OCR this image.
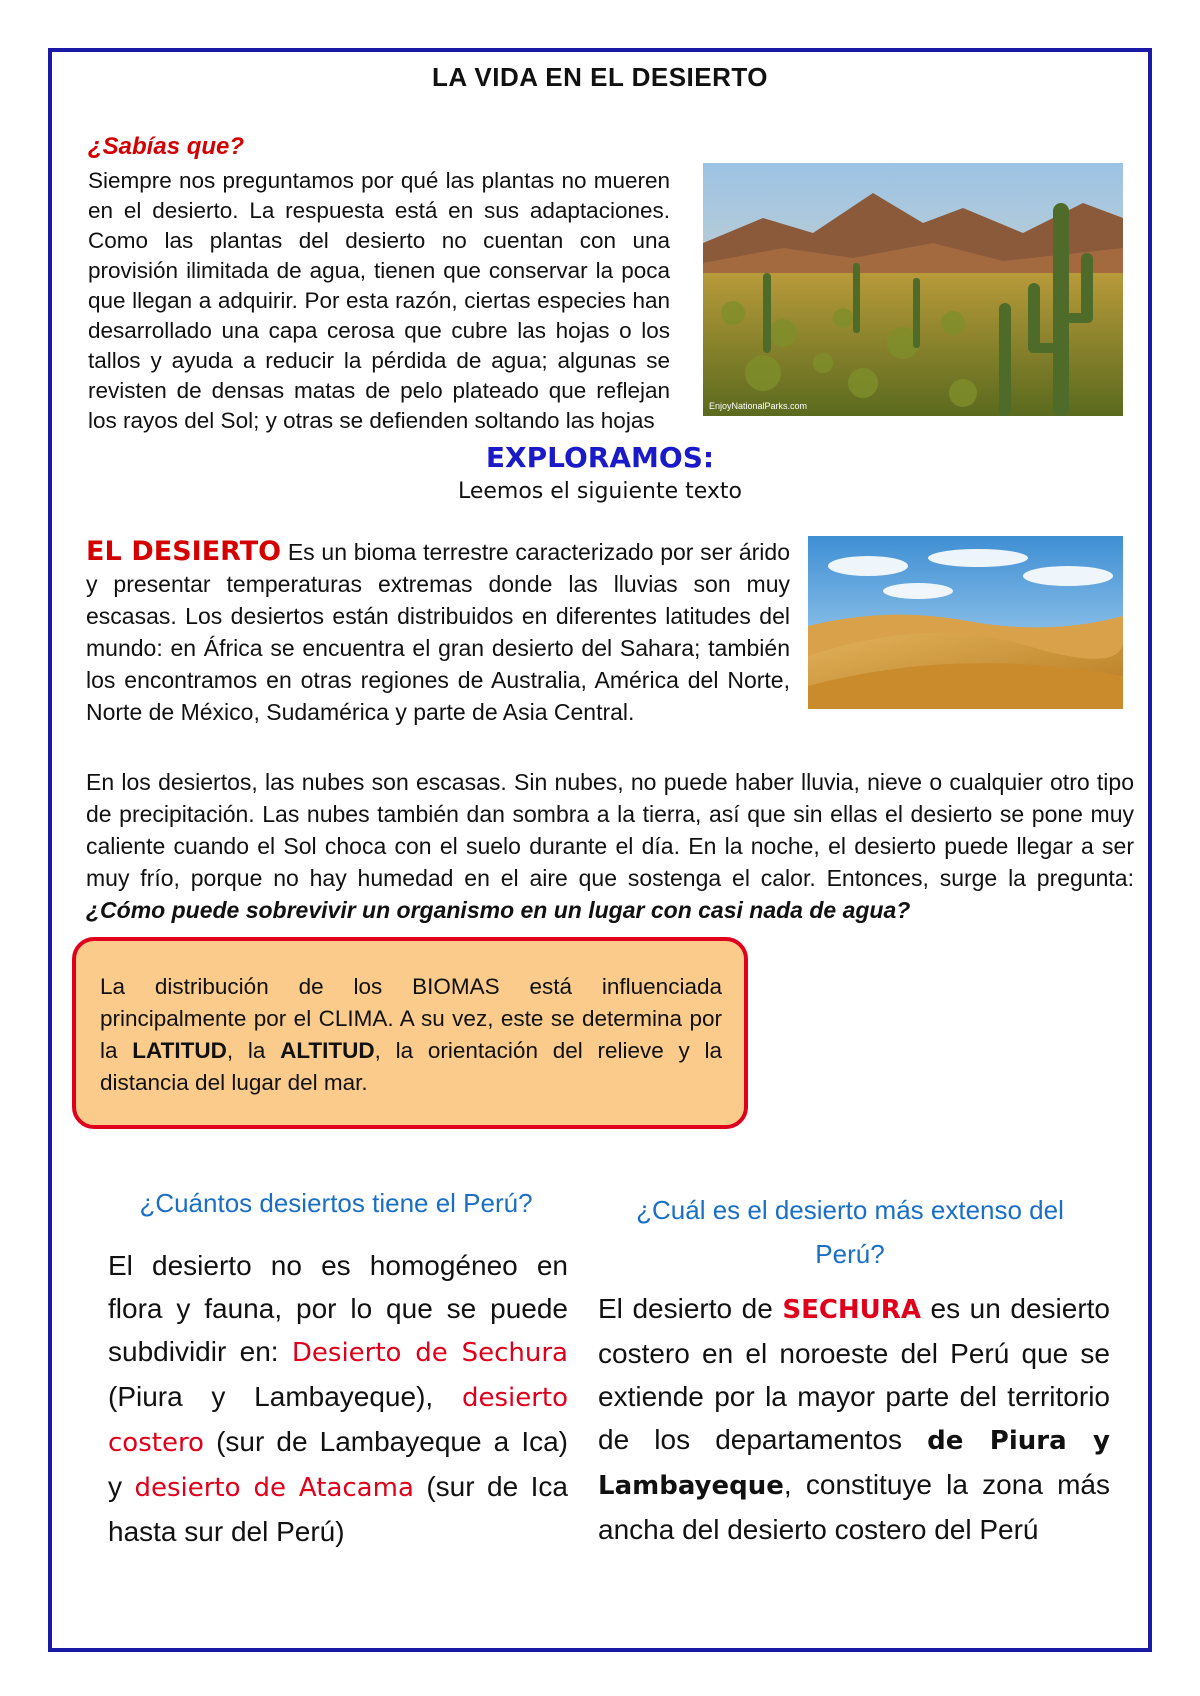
LA VIDA EN EL DESIERTO
¿Sabías que?
Siempre nos preguntamos por qué las plantas no mueren en el desierto. La respuesta está en sus adaptaciones. Como las plantas del desierto no cuentan con una provisión ilimitada de agua, tienen que conservar la poca que llegan a adquirir. Por esta razón, ciertas especies han desarrollado una capa cerosa que cubre las hojas o los tallos y ayuda a reducir la pérdida de agua; algunas se revisten de densas matas de pelo plateado que reflejan los rayos del Sol; y otras se defienden soltando las hojas
EnjoyNationalParks.com
EXPLORAMOS:
Leemos el siguiente texto
EL DESIERTO Es un bioma terrestre caracterizado por ser árido y presentar temperaturas extremas donde las lluvias son muy escasas. Los desiertos están distribuidos en diferentes latitudes del mundo: en África se encuentra el gran desierto del Sahara; también los encontramos en otras regiones de Australia, América del Norte, Norte de México, Sudamérica y parte de Asia Central.
En los desiertos, las nubes son escasas. Sin nubes, no puede haber lluvia, nieve o cualquier otro tipo de precipitación. Las nubes también dan sombra a la tierra, así que sin ellas el desierto se pone muy caliente cuando el Sol choca con el suelo durante el día. En la noche, el desierto puede llegar a ser muy frío, porque no hay humedad en el aire que sostenga el calor. Entonces, surge la pregunta: ¿Cómo puede sobrevivir un organismo en un lugar con casi nada de agua?
La distribución de los BIOMAS está influenciada principalmente por el CLIMA. A su vez, este se determina por la LATITUD, la ALTITUD, la orientación del relieve y la distancia del lugar del mar.
¿Cuántos desiertos tiene el Perú?
El desierto no es homogéneo en flora y fauna, por lo que se puede subdividir en: Desierto de Sechura (Piura y Lambayeque), desierto costero (sur de Lambayeque a Ica) y desierto de Atacama (sur de Ica hasta sur del Perú)
¿Cuál es el desierto más extenso del Perú?
El desierto de SECHURA es un desierto costero en el noroeste del Perú que se extiende por la mayor parte del territorio de los departamentos de Piura y Lambayeque, constituye la zona más ancha del desierto costero del Perú
